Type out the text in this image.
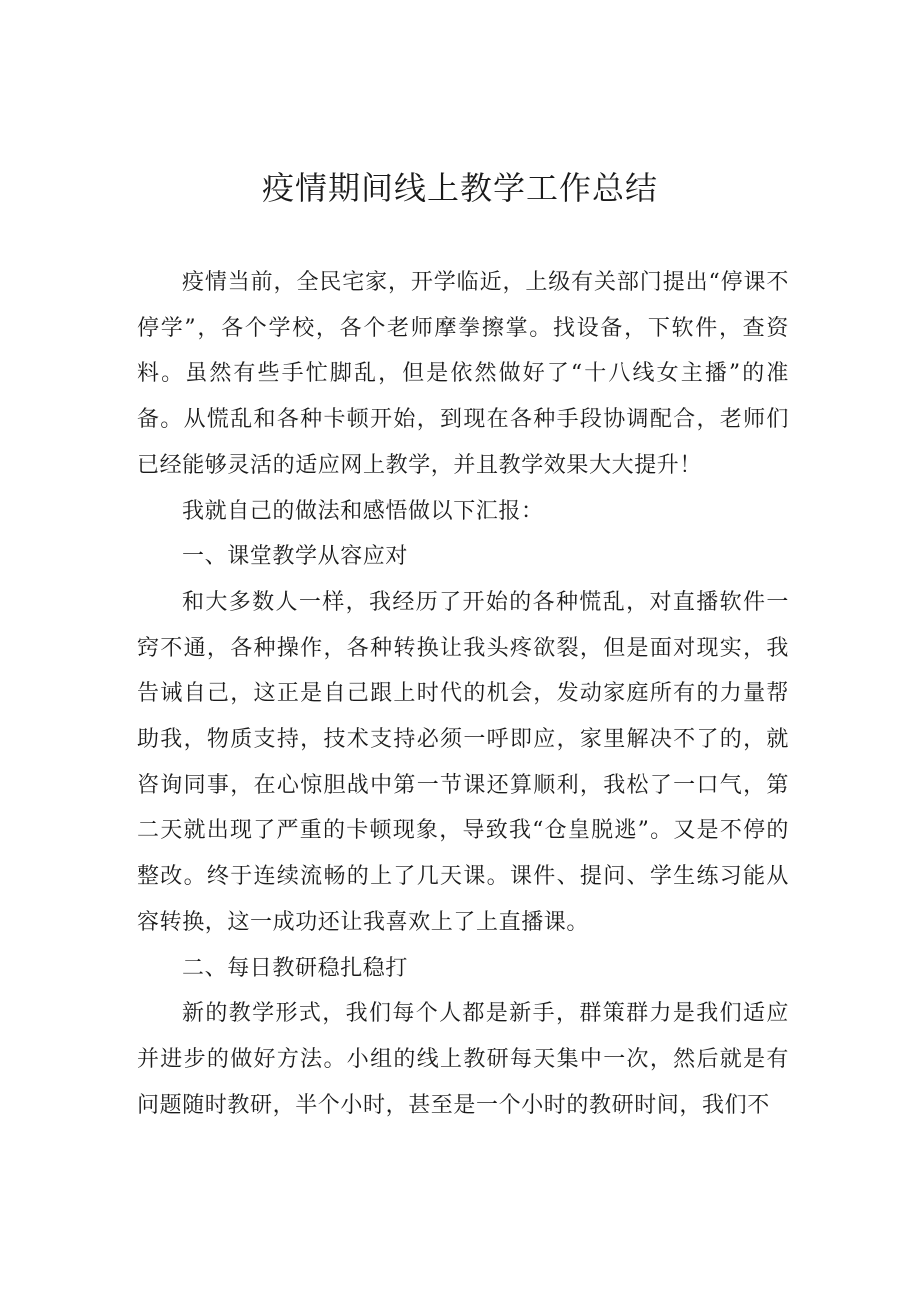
疫情期间线上教学工作总结

疫情当前，全民宅家，开学临近，上级有关部门提出“停课不停学”，各个学校，各个老师摩拳擦掌。找设备，下软件，查资料。虽然有些手忙脚乱，但是依然做好了“十八线女主播”的准备。从慌乱和各种卡顿开始，到现在各种手段协调配合，老师们已经能够灵活的适应网上教学，并且教学效果大大提升！

我就自己的做法和感悟做以下汇报：

一、课堂教学从容应对

和大多数人一样，我经历了开始的各种慌乱，对直播软件一窍不通，各种操作，各种转换让我头疼欲裂，但是面对现实，我告诫自己，这正是自己跟上时代的机会，发动家庭所有的力量帮助我，物质支持，技术支持必须一呼即应，家里解决不了的，就咨询同事，在心惊胆战中第一节课还算顺利，我松了一口气，第二天就出现了严重的卡顿现象，导致我“仓皇脱逃”。又是不停的整改。终于连续流畅的上了几天课。课件、提问、学生练习能从容转换，这一成功还让我喜欢上了上直播课。

二、每日教研稳扎稳打

新的教学形式，我们每个人都是新手，群策群力是我们适应并进步的做好方法。小组的线上教研每天集中一次，然后就是有问题随时教研，半个小时，甚至是一个小时的教研时间，我们不
